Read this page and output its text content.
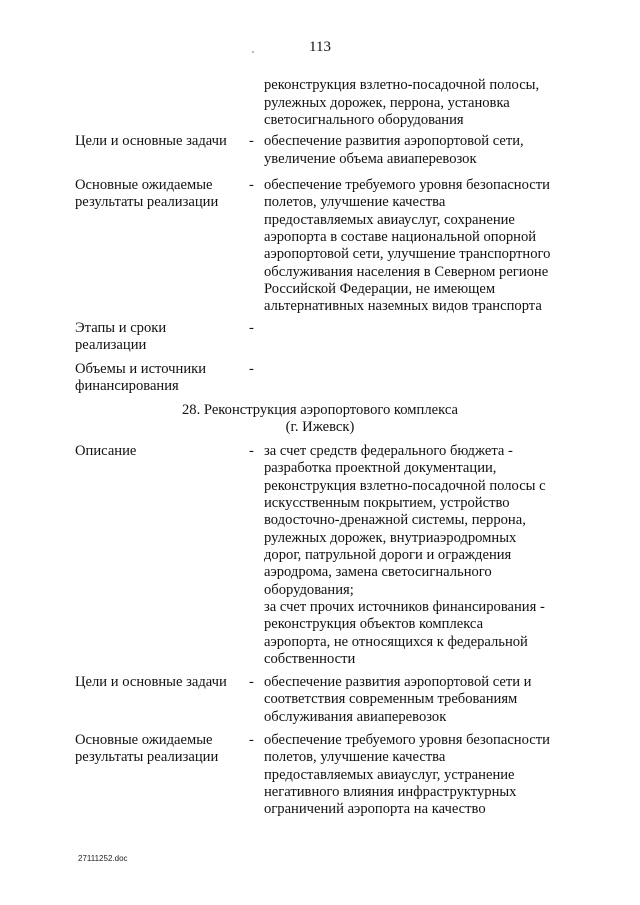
113
реконструкция взлетно-посадочной полосы,
рулежных дорожек, перрона, установка
светосигнального оборудования
Цели и основные задачи - обеспечение развития аэропортовой сети,
увеличение объема авиаперевозок
Основные ожидаемые
результаты реализации
- обеспечение требуемого уровня безопасности
полетов, улучшение качества
предоставляемых авиауслуг, сохранение
аэропорта в составе национальной опорной
аэропортовой сети, улучшение транспортного
обслуживания населения в Северном регионе
Российской Федерации, не имеющем
альтернативных наземных видов транспорта
Этапы и сроки
реализации
-
Объемы и источники
финансирования
-
28. Реконструкция аэропортового комплекса
(г. Ижевск)
Описание	- за счет средств федерального бюджета -
разработка проектной документации,
реконструкция взлетно-посадочной полосы с
искусственным покрытием, устройство
водосточно-дренажной системы, перрона,
рулежных дорожек, внутриаэродромных
дорог, патрульной дороги и ограждения
аэродрома, замена светосигнального
оборудования;
за счет прочих источников финансирования -
реконструкция объектов комплекса
аэропорта, не относящихся к федеральной
собственности
Цели и основные задачи - обеспечение развития аэропортовой сети и
соответствия современным требованиям
обслуживания авиаперевозок
Основные ожидаемые
результаты реализации
- обеспечение требуемого уровня безопасности
полетов, улучшение качества
предоставляемых авиауслуг, устранение
негативного влияния инфраструктурных
ограничений аэропорта на качество
27111252.doc
